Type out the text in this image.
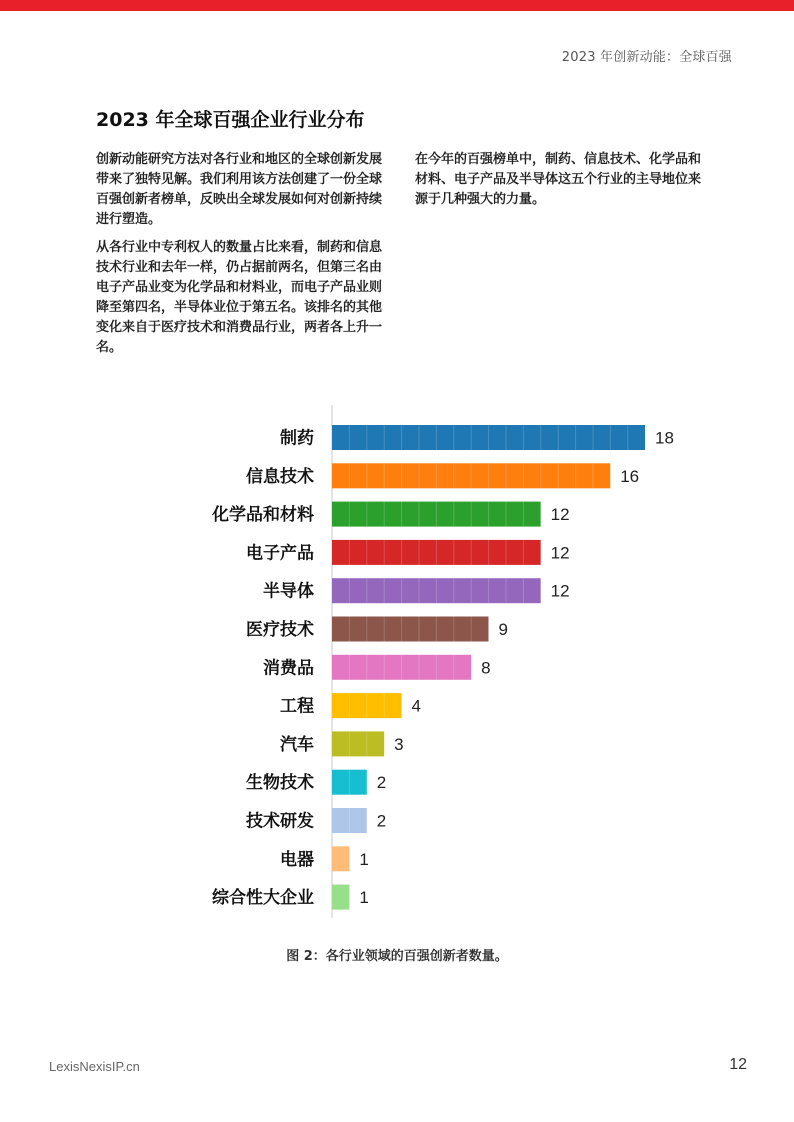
2023 年创新动能：全球百强
2023 年全球百强企业行业分布

创新动能研究方法对各行业和地区的全球创新发展带来了独特见解。我们利用该方法创建了一份全球百强创新者榜单，反映出全球发展如何对创新持续进行塑造。

从各行业中专利权人的数量占比来看，制药和信息技术行业和去年一样，仍占据前两名，但第三名由电子产品业变为化学品和材料业，而电子产品业则降至第四名，半导体业位于第五名。该排名的其他变化来自于医疗技术和消费品行业，两者各上升一名。

在今年的百强榜单中，制药、信息技术、化学品和材料、电子产品及半导体这五个行业的主导地位来源于几种强大的力量。

制药	18
信息技术	16
化学品和材料	12
电子产品	12
半导体	12
医疗技术	9
消费品	8
工程	4
汽车	3
生物技术	2
技术研发	2
电器	1
综合性大企业	1
图 2：各行业领域的百强创新者数量。
LexisNexisIP.cn	12
